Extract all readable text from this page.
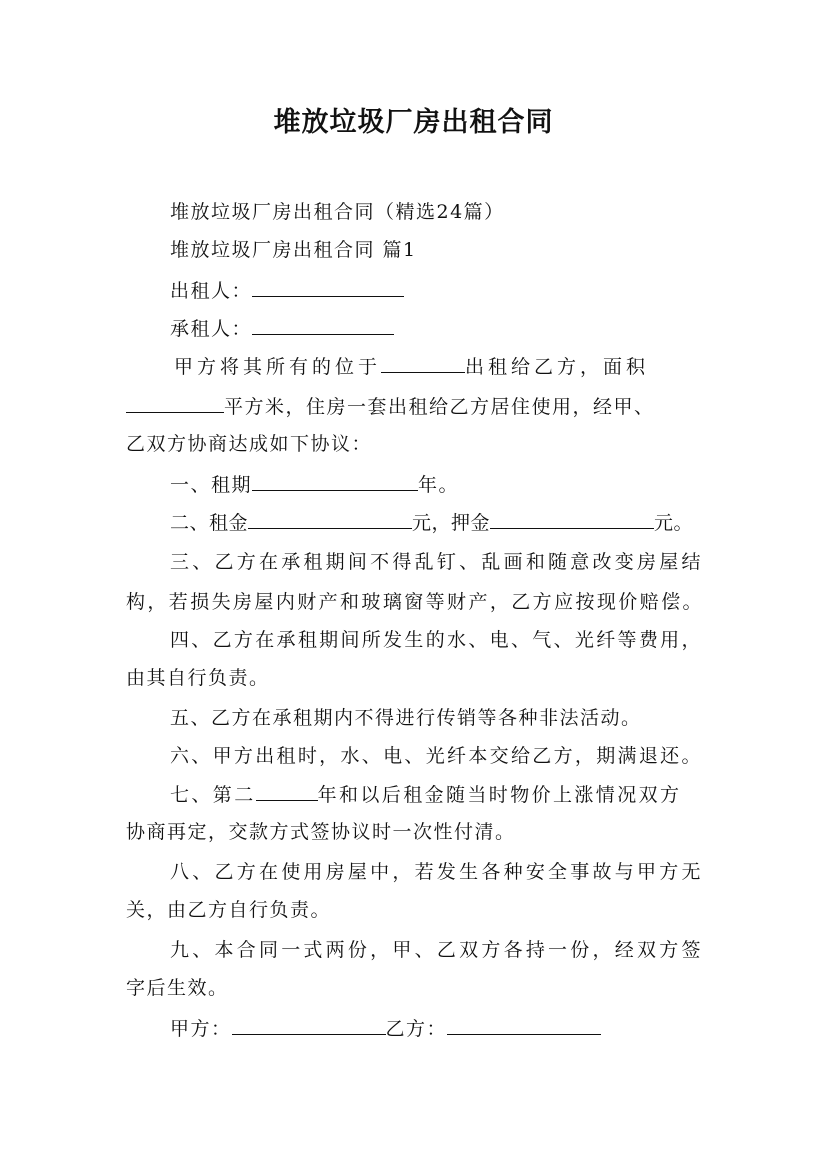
堆放垃圾厂房出租合同
堆放垃圾厂房出租合同（精选24篇）
堆放垃圾厂房出租合同 篇1
出租人：
承租人：
甲方将其所有的位于	出租给乙方，面积
平方米，住房一套出租给乙方居住使用，经甲、
乙双方协商达成如下协议：
一、租期	年。
二、租金	元，押金	元。
三、乙方在承租期间不得乱钉、乱画和随意改变房屋结
构，若损失房屋内财产和玻璃窗等财产，乙方应按现价赔偿。
四、乙方在承租期间所发生的水、电、气、光纤等费用，
由其自行负责。
五、乙方在承租期内不得进行传销等各种非法活动。
六、甲方出租时，水、电、光纤本交给乙方，期满退还。
七、第二	年和以后租金随当时物价上涨情况双方
协商再定，交款方式签协议时一次性付清。
八、乙方在使用房屋中，若发生各种安全事故与甲方无
关，由乙方自行负责。
九、本合同一式两份，甲、乙双方各持一份，经双方签
字后生效。
甲方：	乙方：
